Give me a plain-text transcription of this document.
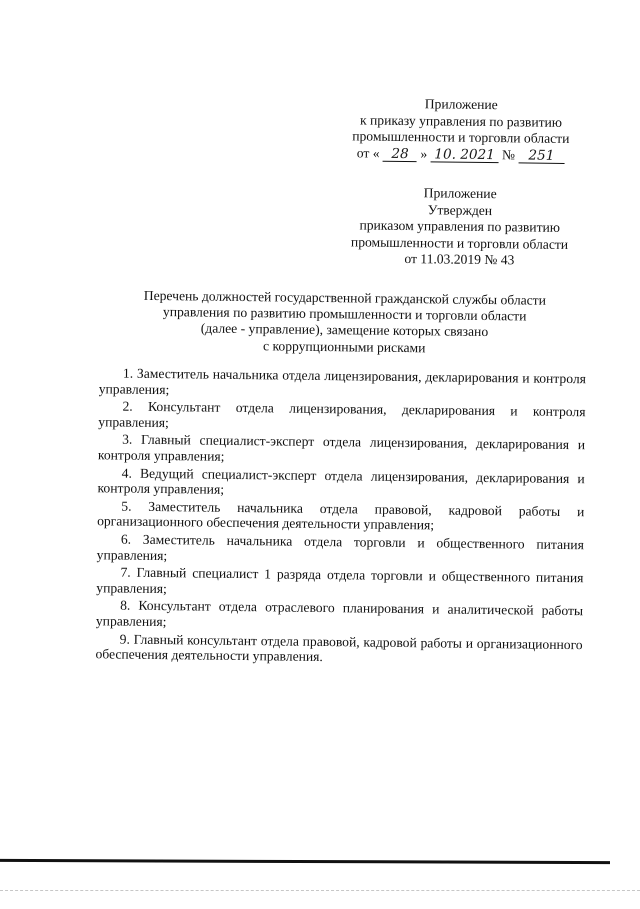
Приложение
к приказу управления по развитию
промышленности и торговли области
от « 28 » 10. 2021 № 251
Приложение
Утвержден
приказом управления по развитию
промышленности и торговли области
от 11.03.2019 № 43
Перечень должностей государственной гражданской службы области
управления по развитию промышленности и торговли области
(далее - управление), замещение которых связано
с коррупционными рисками

1. Заместитель начальника отдела лицензирования, декларирования и контроля управления;

2. Консультант отдела лицензирования, декларирования и контроля управления;

3. Главный специалист-эксперт отдела лицензирования, декларирования и контроля управления;

4. Ведущий специалист-эксперт отдела лицензирования, декларирования и контроля управления;

5. Заместитель начальника отдела правовой, кадровой работы и организационного обеспечения деятельности управления;

6. Заместитель начальника отдела торговли и общественного питания управления;

7. Главный специалист 1 разряда отдела торговли и общественного питания управления;

8. Консультант отдела отраслевого планирования и аналитической работы управления;

9. Главный консультант отдела правовой, кадровой работы и организационного обеспечения деятельности управления.
